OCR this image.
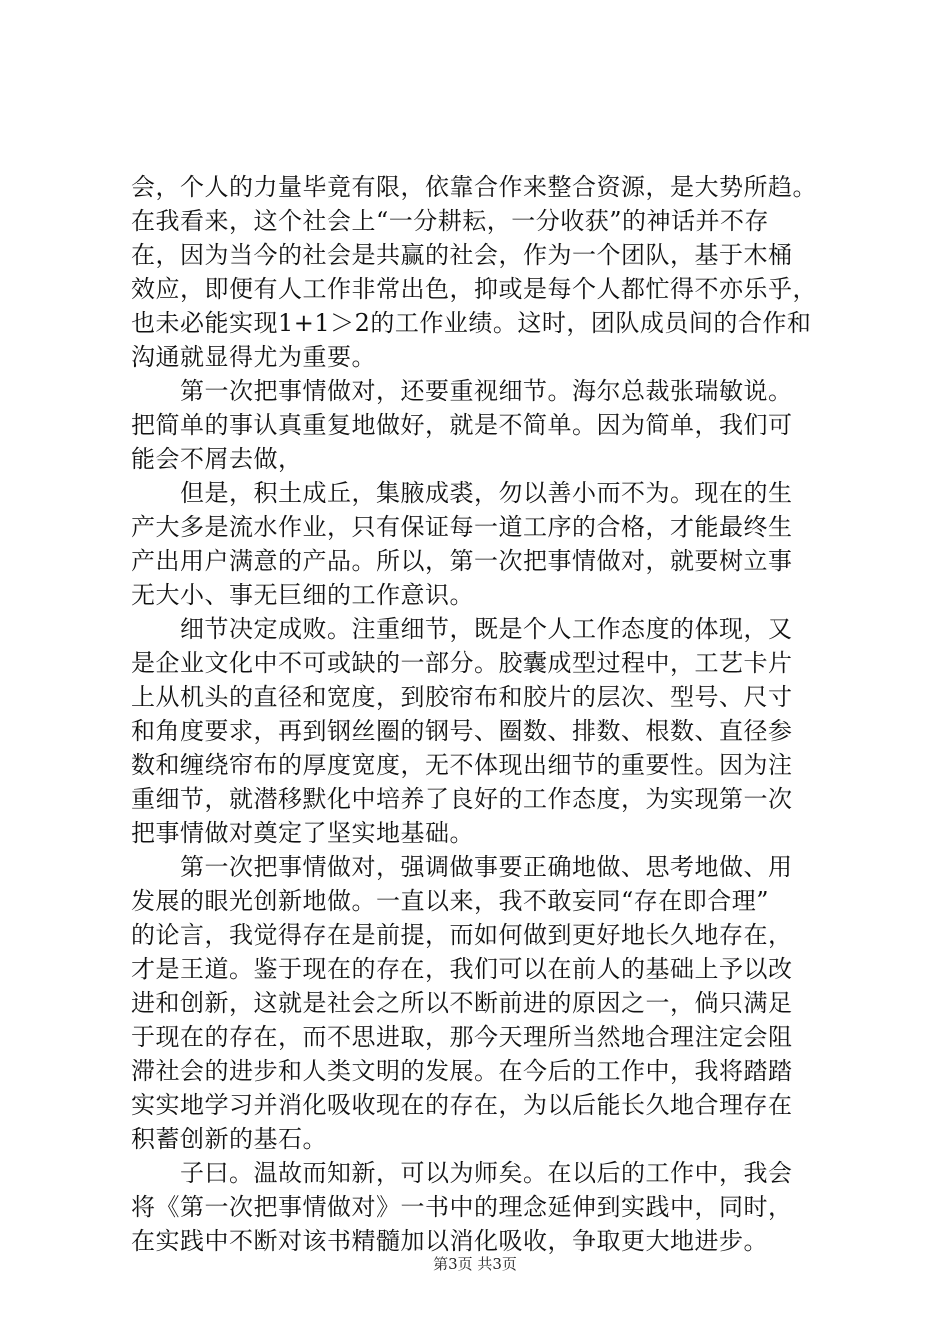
会，个人的力量毕竟有限，依靠合作来整合资源，是大势所趋。
在我看来，这个社会上“一分耕耘，一分收获”的神话并不存
在，因为当今的社会是共赢的社会，作为一个团队，基于木桶
效应，即便有人工作非常出色，抑或是每个人都忙得不亦乐乎，
也未必能实现1+1＞2的工作业绩。这时，团队成员间的合作和
沟通就显得尤为重要。
第一次把事情做对，还要重视细节。海尔总裁张瑞敏说。
把简单的事认真重复地做好，就是不简单。因为简单，我们可
能会不屑去做，
但是，积土成丘，集腋成裘，勿以善小而不为。现在的生
产大多是流水作业，只有保证每一道工序的合格，才能最终生
产出用户满意的产品。所以，第一次把事情做对，就要树立事
无大小、事无巨细的工作意识。
细节决定成败。注重细节，既是个人工作态度的体现，又
是企业文化中不可或缺的一部分。胶囊成型过程中，工艺卡片
上从机头的直径和宽度，到胶帘布和胶片的层次、型号、尺寸
和角度要求，再到钢丝圈的钢号、圈数、排数、根数、直径参
数和缠绕帘布的厚度宽度，无不体现出细节的重要性。因为注
重细节，就潜移默化中培养了良好的工作态度，为实现第一次
把事情做对奠定了坚实地基础。
第一次把事情做对，强调做事要正确地做、思考地做、用
发展的眼光创新地做。一直以来，我不敢妄同“存在即合理”
的论言，我觉得存在是前提，而如何做到更好地长久地存在，
才是王道。鉴于现在的存在，我们可以在前人的基础上予以改
进和创新，这就是社会之所以不断前进的原因之一，倘只满足
于现在的存在，而不思进取，那今天理所当然地合理注定会阻
滞社会的进步和人类文明的发展。在今后的工作中，我将踏踏
实实地学习并消化吸收现在的存在，为以后能长久地合理存在
积蓄创新的基石。
子曰。温故而知新，可以为师矣。在以后的工作中，我会
将《第一次把事情做对》一书中的理念延伸到实践中，同时，
在实践中不断对该书精髓加以消化吸收，争取更大地进步。
第3页 共3页
